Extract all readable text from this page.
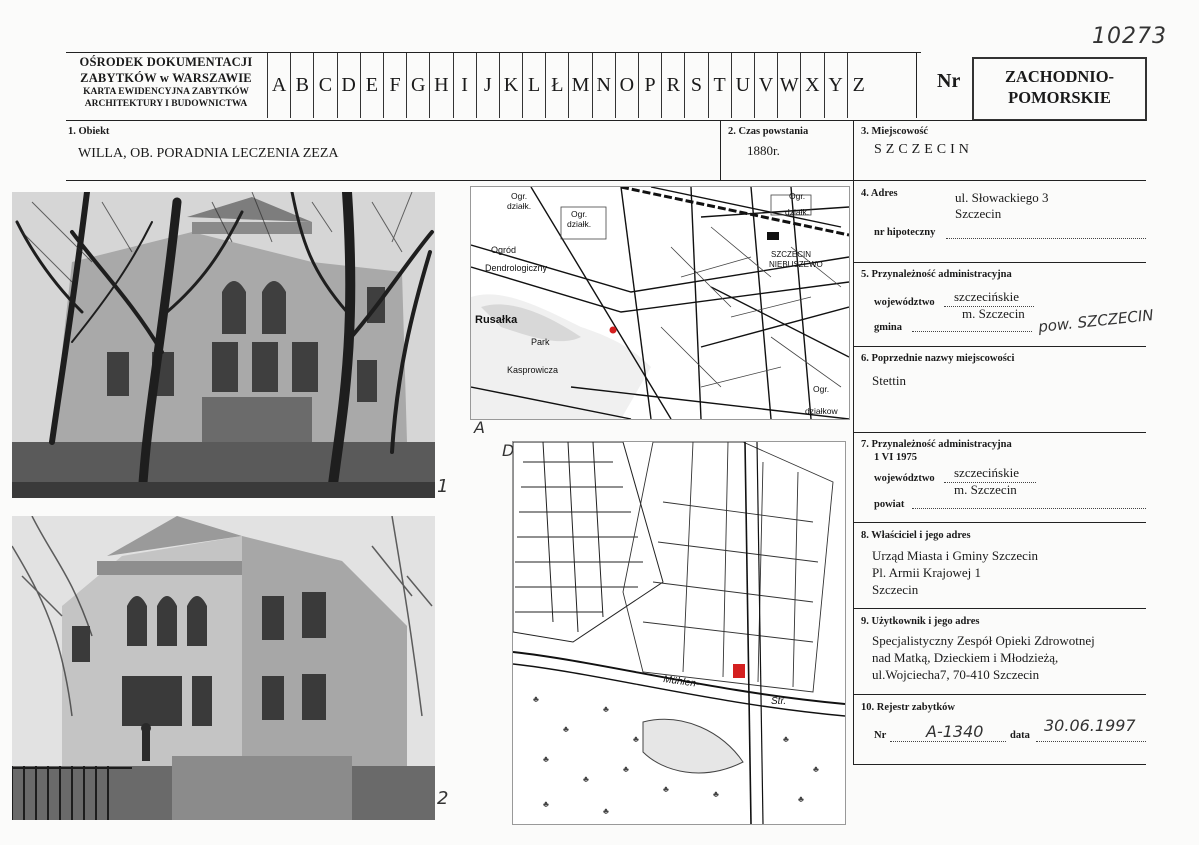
10273
OŚRODEK DOKUMENTACJI
ZABYTKÓW w WARSZAWIE
KARTA EWIDENCYJNA ZABYTKÓW
ARCHITEKTURY I BUDOWNICTWA
A B C D E F G H I J K L Ł M N O P R S T U V W X Y Z	Nr	ZACHODNIO-
POMORSKIE
1. Obiekt
WILLA, OB. PORADNIA LECZENIA ZEZA
2. Czas powstania
1880r.
3. Miejscowość
SZCZECIN
4. Adres	ul. Słowackiego 3
Szczecin
nr hipoteczny
5. Przynależność administracyjna
województwo szczecińskie
gmina
m. Szczecin pow. SZCZECIN
6. Poprzednie nazwy miejscowości
Stettin
7. Przynależność administracyjna
1 VI 1975
województwo szczecińskie
m. Szczecin
powiat
8. Właściciel i jego adres
Urząd Miasta i Gminy Szczecin
Pl. Armii Krajowej 1
Szczecin
9. Użytkownik i jego adres
Specjalistyczny Zespół Opieki Zdrowotnej
nad Matką, Dzieckiem i Młodzieżą,
ul.Wojciecha7, 70-410 Szczecin
10. Rejestr zabytków
Nr A-1340	data
30.06.1997
1
2
Ogr.
działk.
Ogr.
działk.
Ogród
Dendrologiczny
Rusałka
Park
Kasprowicza
SZCZECIN
NIEBUSZEWO
Ogr.
działk.
Ogr.
działkow
A
♣
♣
♣
♣
♣
♣
♣
♣	♣
♣
♣
♣
♣
♣
Mühlen-
Str.
D
